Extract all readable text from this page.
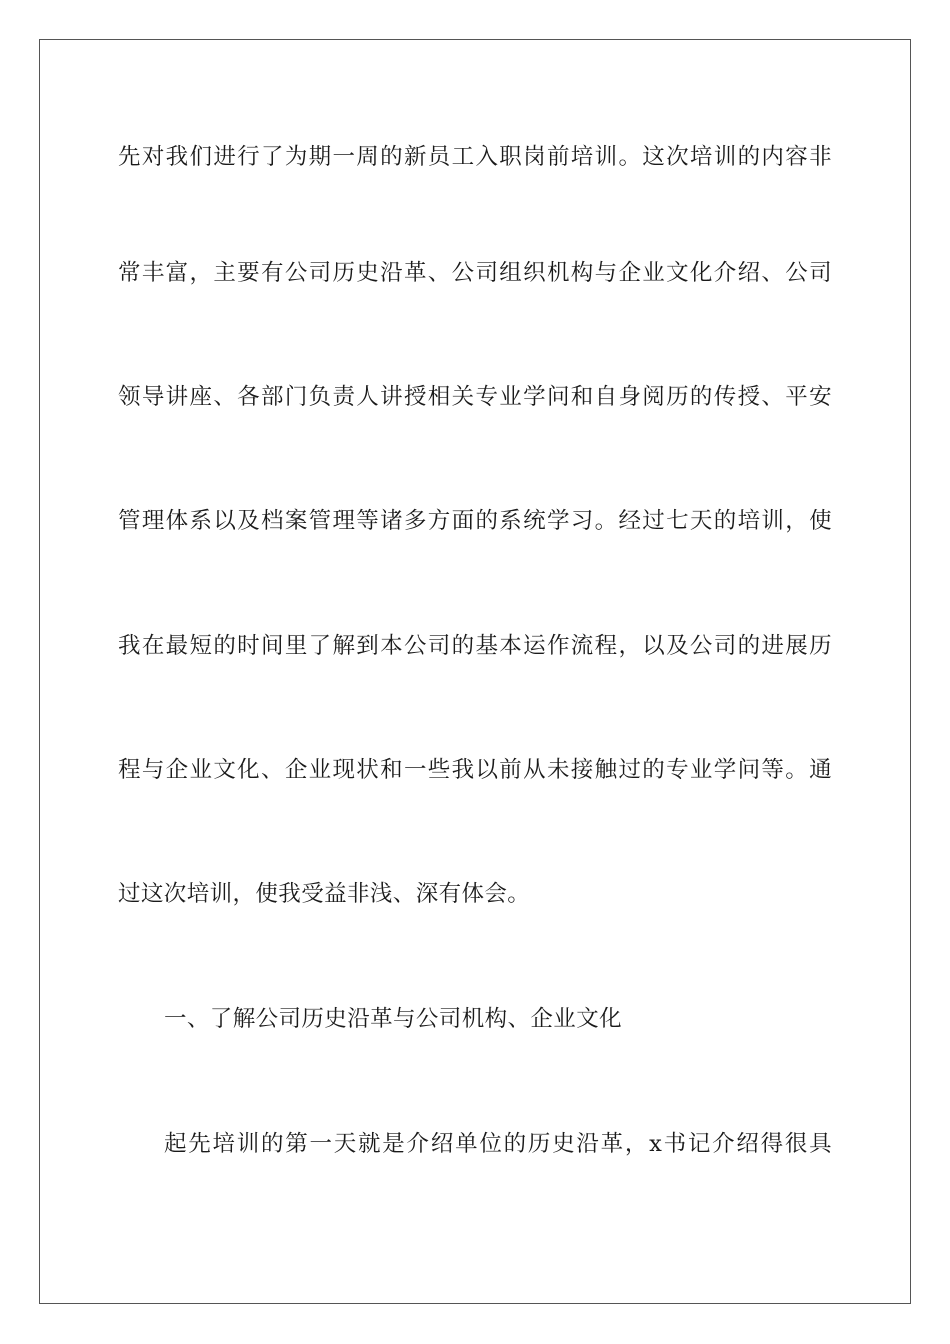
先对我们进行了为期一周的新员工入职岗前培训。这次培训的内容非
常丰富，主要有公司历史沿革、公司组织机构与企业文化介绍、公司
领导讲座、各部门负责人讲授相关专业学问和自身阅历的传授、平安
管理体系以及档案管理等诸多方面的系统学习。经过七天的培训，使
我在最短的时间里了解到本公司的基本运作流程，以及公司的进展历
程与企业文化、企业现状和一些我以前从未接触过的专业学问等。通
过这次培训，使我受益非浅、深有体会。
一、了解公司历史沿革与公司机构、企业文化
起先培训的第一天就是介绍单位的历史沿革，x书记介绍得很具
